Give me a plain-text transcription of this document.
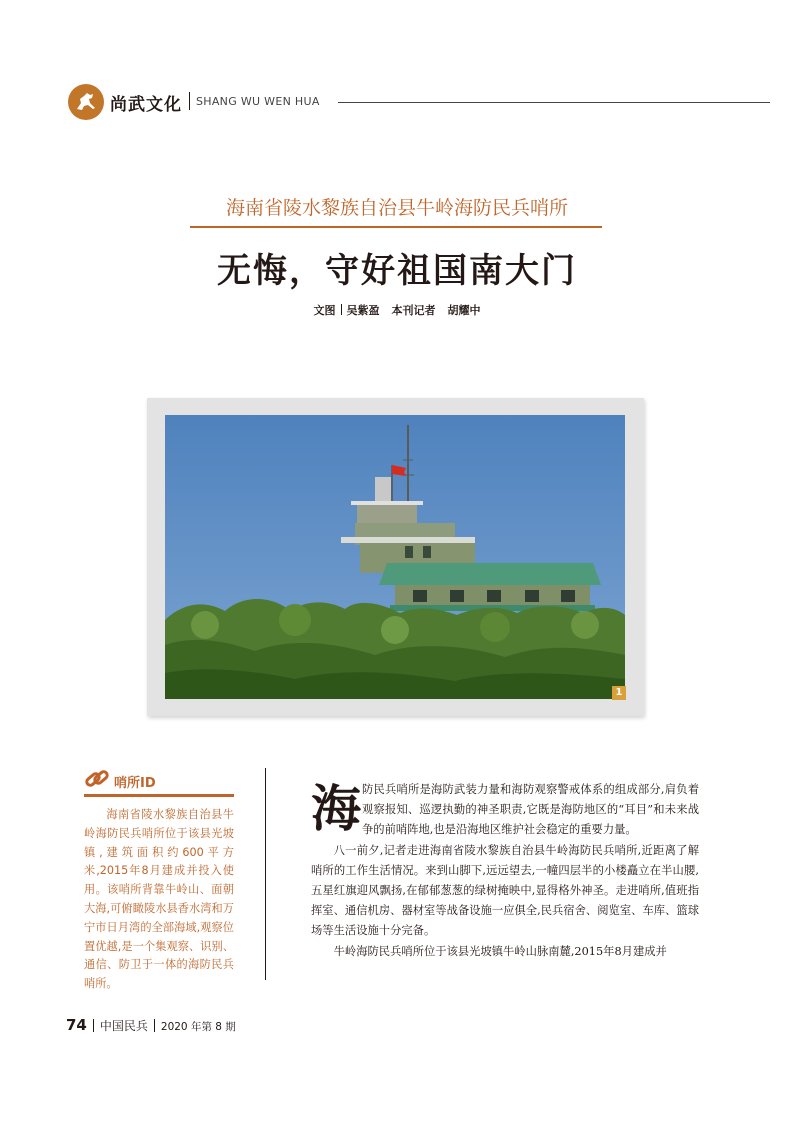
尚武文化 SHANG WU WEN HUA
海南省陵水黎族自治县牛岭海防民兵哨所
无悔，守好祖国南大门
文图 吴紫盈 本刊记者 胡耀中
1
哨所ID
海南省陵水黎族自治县牛岭海防民兵哨所位于该县光坡镇,建筑面积约600平方米,2015年8月建成并投入使用。该哨所背靠牛岭山、面朝大海,可俯瞰陵水县香水湾和万宁市日月湾的全部海域,观察位置优越,是一个集观察、识别、通信、防卫于一体的海防民兵哨所。
海 防民兵哨所是海防武装力量和海防观察警戒体系的组成部分,肩负着观察报知、巡逻执勤的神圣职责,它既是海防地区的“耳目”和未来战争的前哨阵地,也是沿海地区维护社会稳定的重要力量。

八一前夕,记者走进海南省陵水黎族自治县牛岭海防民兵哨所,近距离了解哨所的工作生活情况。来到山脚下,远远望去,一幢四层半的小楼矗立在半山腰,五星红旗迎风飘扬,在郁郁葱葱的绿树掩映中,显得格外神圣。走进哨所,值班指挥室、通信机房、器材室等战备设施一应俱全,民兵宿舍、阅览室、车库、篮球场等生活设施十分完备。

牛岭海防民兵哨所位于该县光坡镇牛岭山脉南麓,2015年8月建成并

74 中国民兵 2020 年第 8 期
